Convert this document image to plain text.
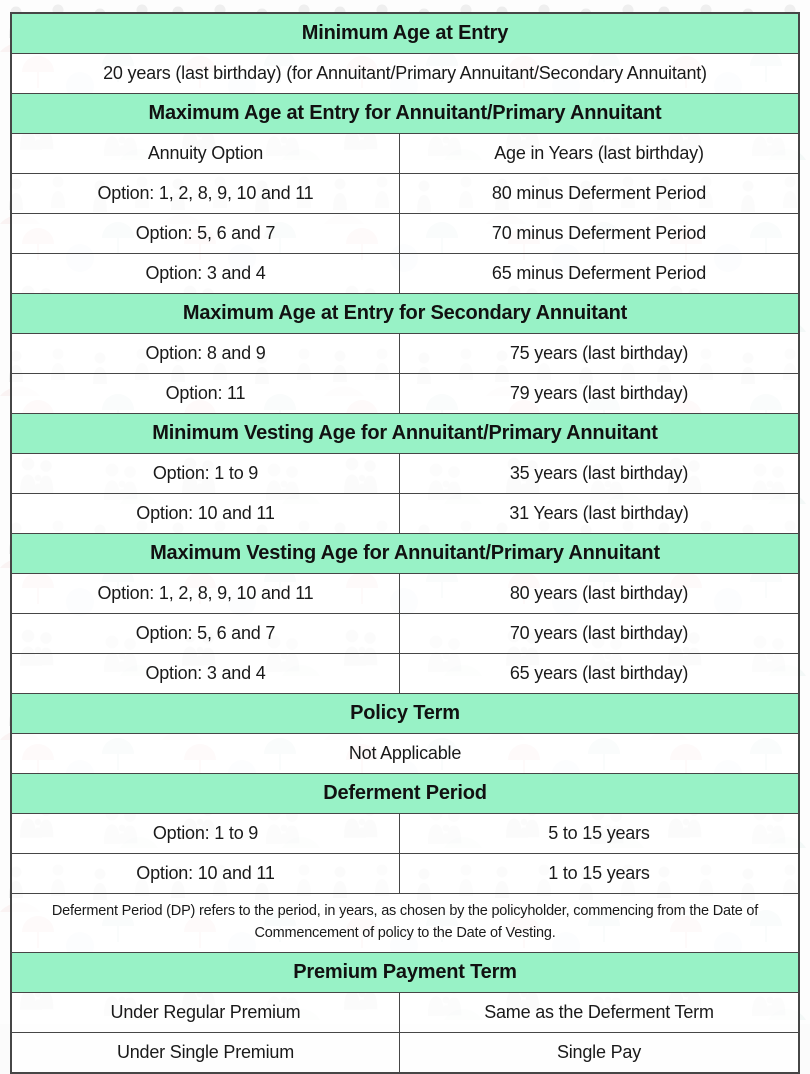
Minimum Age at Entry	
20 years (last birthday) (for Annuitant/Primary Annuitant/Secondary Annuitant)	
Maximum Age at Entry for Annuitant/Primary Annuitant	
Annuity Option	Age in Years (last birthday)
Option: 1, 2, 8, 9, 10 and 11	80 minus Deferment Period
Option: 5, 6 and 7	70 minus Deferment Period
Option: 3 and 4	65 minus Deferment Period
Maximum Age at Entry for Secondary Annuitant	
Option: 8 and 9	75 years (last birthday)
Option: 11	79 years (last birthday)
Minimum Vesting Age for Annuitant/Primary Annuitant	
Option: 1 to 9	35 years (last birthday)
Option: 10 and 11	31 Years (last birthday)
Maximum Vesting Age for Annuitant/Primary Annuitant	
Option: 1, 2, 8, 9, 10 and 11	80 years (last birthday)
Option: 5, 6 and 7	70 years (last birthday)
Option: 3 and 4	65 years (last birthday)
Policy Term	
Not Applicable	
Deferment Period	
Option: 1 to 9	5 to 15 years
Option: 10 and 11	1 to 15 years
Deferment Period (DP) refers to the period, in years, as chosen by the policyholder, commencing from the Date of Commencement of policy to the Date of Vesting.	
Premium Payment Term	
Under Regular Premium	Same as the Deferment Term
Under Single Premium	Single Pay
